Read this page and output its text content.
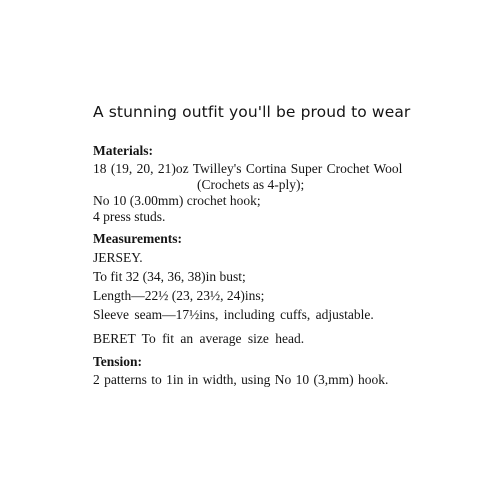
A stunning outfit you'll be proud to wear
Materials:
18 (19, 20, 21)oz Twilley's Cortina Super Crochet Wool
(Crochets as 4-ply);
No 10 (3.00mm) crochet hook;
4 press studs.
Measurements:
JERSEY.
To fit 32 (34, 36, 38)in bust;
Length—22½ (23, 23½, 24)ins;
Sleeve seam—17½ins, including cuffs, adjustable.
BERET To fit an average size head.
Tension:
2 patterns to 1in in width, using No 10 (3,mm) hook.
